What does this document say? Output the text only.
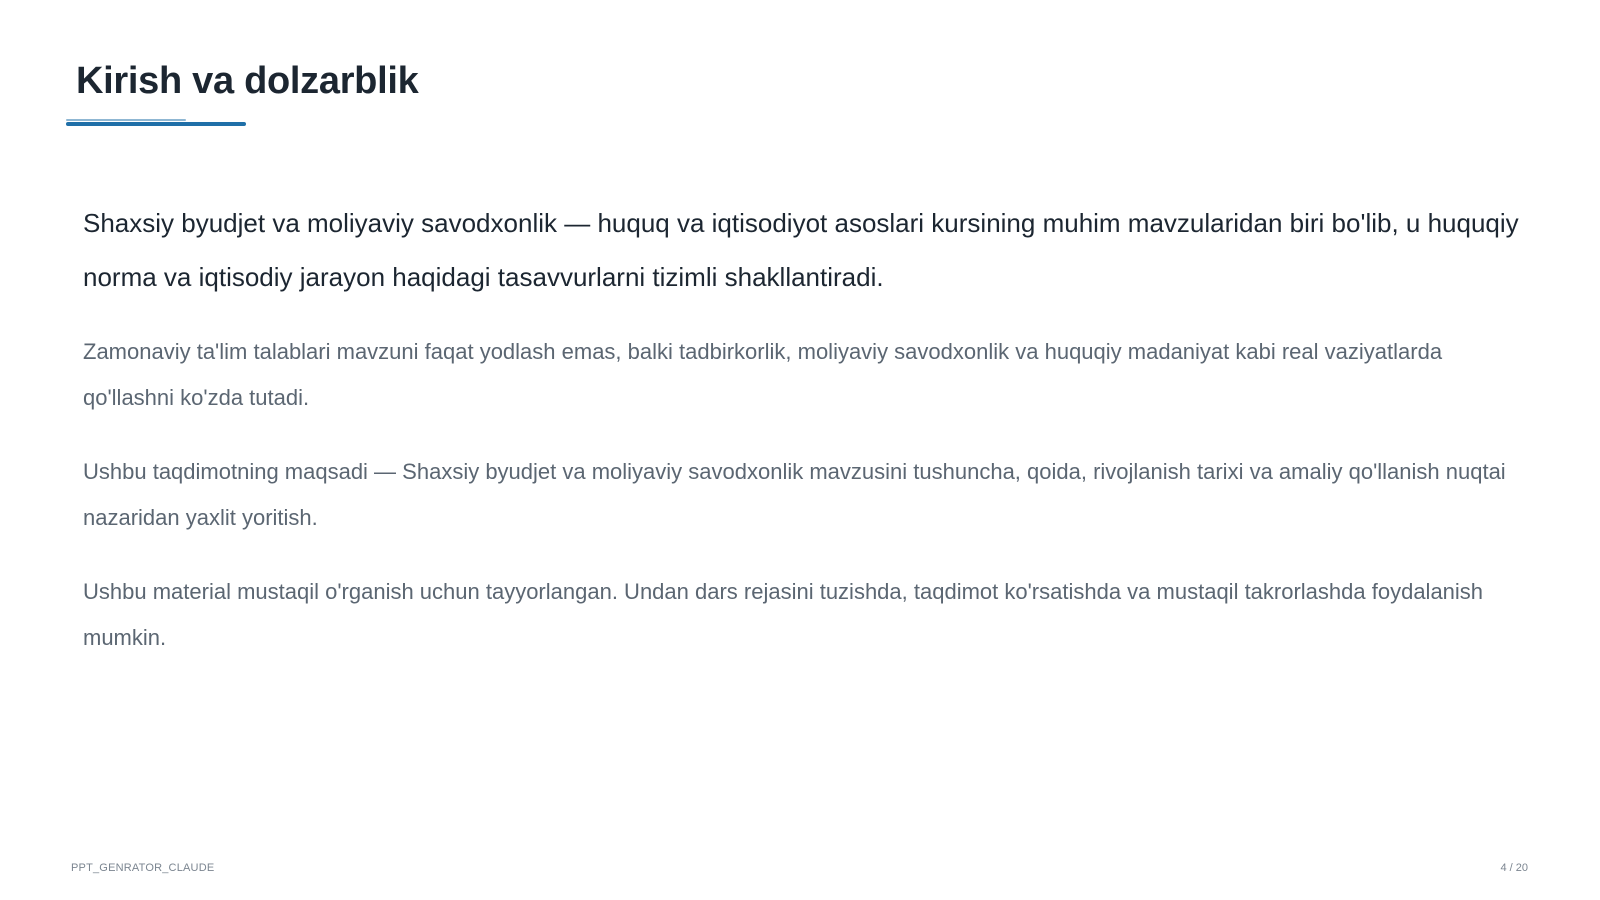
Kirish va dolzarblik

Shaxsiy byudjet va moliyaviy savodxonlik — huquq va iqtisodiyot asoslari kursining muhim mavzularidan biri bo'lib, u huquqiy norma va iqtisodiy jarayon haqidagi tasavvurlarni tizimli shakllantiradi.

Zamonaviy ta'lim talablari mavzuni faqat yodlash emas, balki tadbirkorlik, moliyaviy savodxonlik va huquqiy madaniyat kabi real vaziyatlarda qo'llashni ko'zda tutadi.

Ushbu taqdimotning maqsadi — Shaxsiy byudjet va moliyaviy savodxonlik mavzusini tushuncha, qoida, rivojlanish tarixi va amaliy qo'llanish nuqtai nazaridan yaxlit yoritish.

Ushbu material mustaqil o'rganish uchun tayyorlangan. Undan dars rejasini tuzishda, taqdimot ko'rsatishda va mustaqil takrorlashda foydalanish mumkin.

PPT_GENRATOR_CLAUDE	4 / 20
